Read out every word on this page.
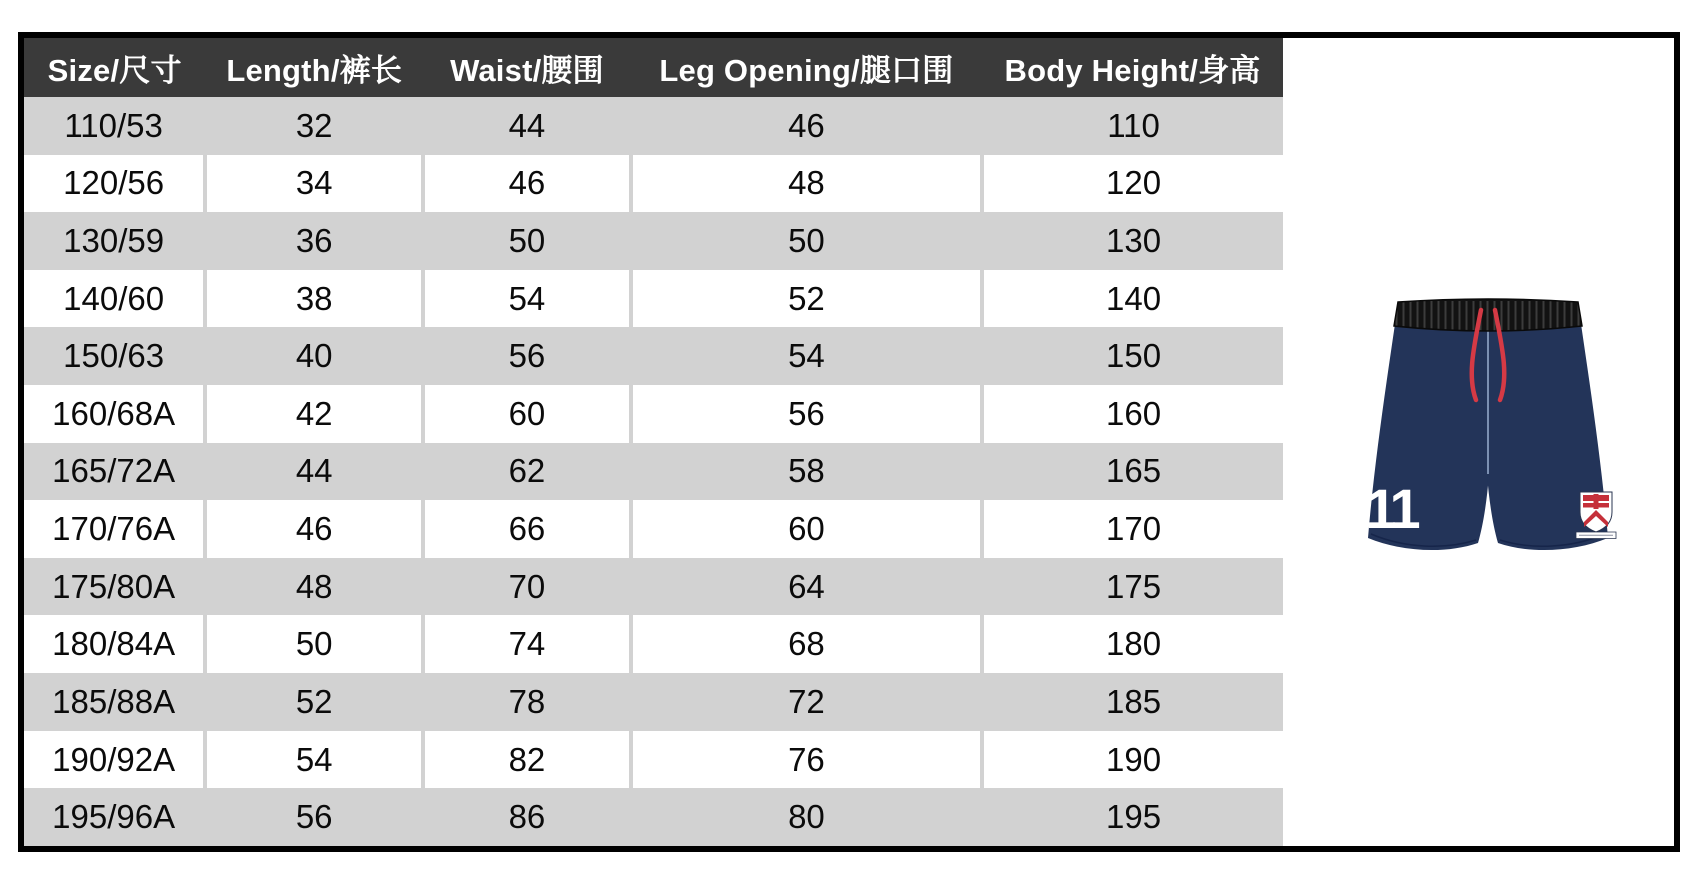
Size/尺寸	Length/裤长	Waist/腰围	Leg Opening/腿口围	Body Height/身高
110/53	32	44	46	110
120/56	34	46	48	120
130/59	36	50	50	130
140/60	38	54	52	140
150/63	40	56	54	150
160/68A	42	60	56	160
165/72A	44	62	58	165
170/76A	46	66	60	170
175/80A	48	70	64	175
180/84A	50	74	68	180
185/88A	52	78	72	185
190/92A	54	82	76	190
195/96A	56	86	80	195
11
